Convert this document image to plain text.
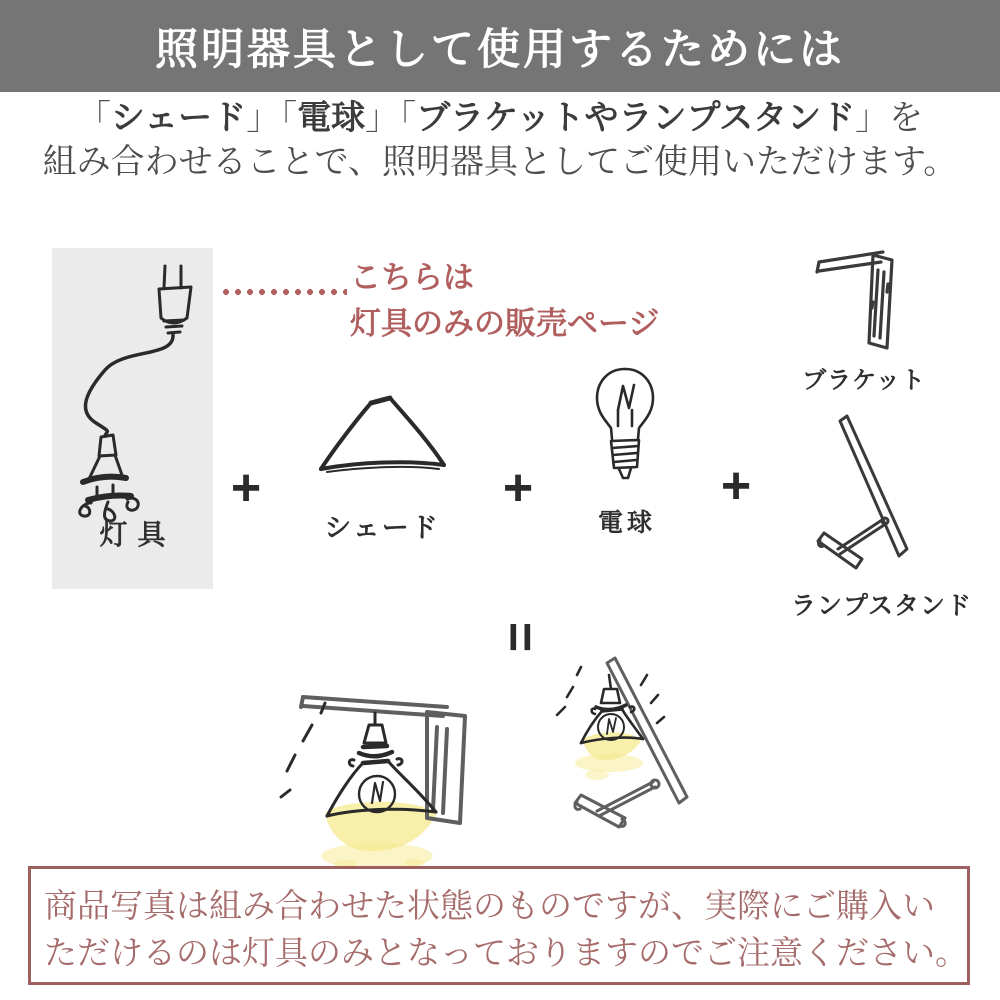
照明器具として使用するためには
「シェード」「電球」「ブラケットやランプスタンド」を
組み合わせることで、照明器具としてご使用いただけます。
灯具
こちらは
灯具のみの販売ページ
+	+	+
シェード	電球
ブラケット
ランプスタンド
=
商品写真は組み合わせた状態のものですが、実際にご購入い
ただけるのは灯具のみとなっておりますのでご注意ください。
